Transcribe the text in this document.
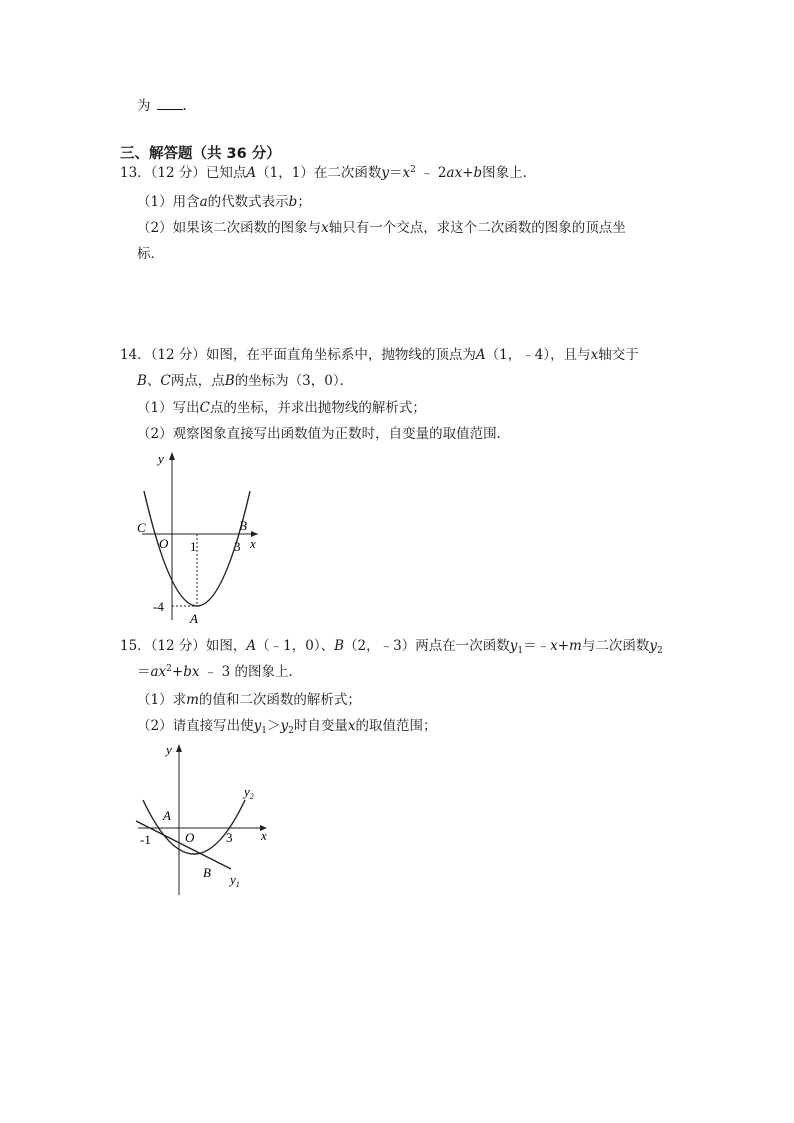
为 .
三、解答题（共 36 分）
13．（12 分）已知点A（1，1）在二次函数$y=x^2$ ﹣ 2ax+b图象上．
（1）用含a的代数式表示b；
（2）如果该二次函数的图象与x轴只有一个交点，求这个二次函数的图象的顶点坐
标．
14．（12 分）如图，在平面直角坐标系中，抛物线的顶点为A（1，﹣4），且与x轴交于
B、C两点，点B的坐标为（3，0）．
（1）写出C点的坐标，并求出抛物线的解析式；
（2）观察图象直接写出函数值为正数时，自变量的取值范围．
y
x
C
O
B
1	3
-4
A
15．（12 分）如图，A（﹣1，0）、B（2，﹣3）两点在一次函数$y_1=﹣x+m$与二次函数$y_2$
$=ax^2+bx$ ﹣ 3 的图象上．
（1）求m的值和二次函数的解析式；
（2）请直接写出使$y_1>y_2$时自变量x的取值范围；
y
x
A
O
-1	3
B $y_1$
$y_2$
